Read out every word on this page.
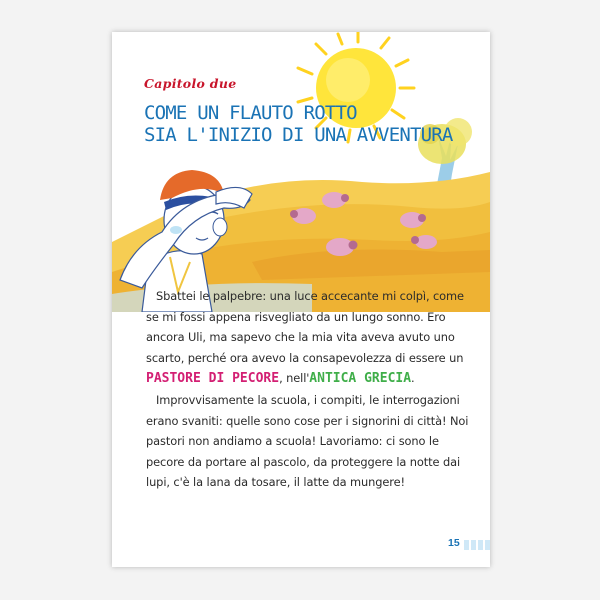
Capitolo due
COME UN FLAUTO ROTTO
SIA L'INIZIO DI UNA AVVENTURA

Sbattei le palpebre: una luce accecante mi colpì, come se mi fossi appena risvegliato da un lungo sonno. Ero ancora Uli, ma sapevo che la mia vita aveva avuto uno scarto, perché ora avevo la consapevolezza di essere un PASTORE DI PECORE, nell'ANTICA GRECIA.

Improvvisamente la scuola, i compiti, le interrogazioni erano svaniti: quelle sono cose per i signorini di città! Noi pastori non andiamo a scuola! Lavoriamo: ci sono le pecore da portare al pascolo, da proteggere la notte dai lupi, c'è la lana da tosare, il latte da mungere!

15
